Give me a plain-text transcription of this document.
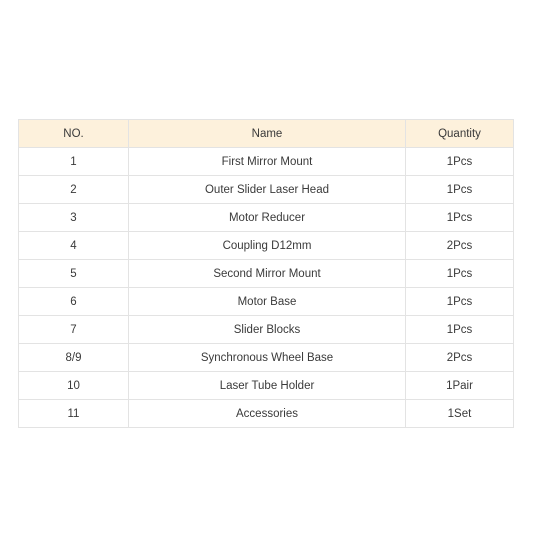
NO.	Name	Quantity
1	First Mirror Mount	1Pcs
2	Outer Slider Laser Head	1Pcs
3	Motor Reducer	1Pcs
4	Coupling D12mm	2Pcs
5	Second Mirror Mount	1Pcs
6	Motor Base	1Pcs
7	Slider Blocks	1Pcs
8/9	Synchronous Wheel Base	2Pcs
10	Laser Tube Holder	1Pair
11	Accessories	1Set
